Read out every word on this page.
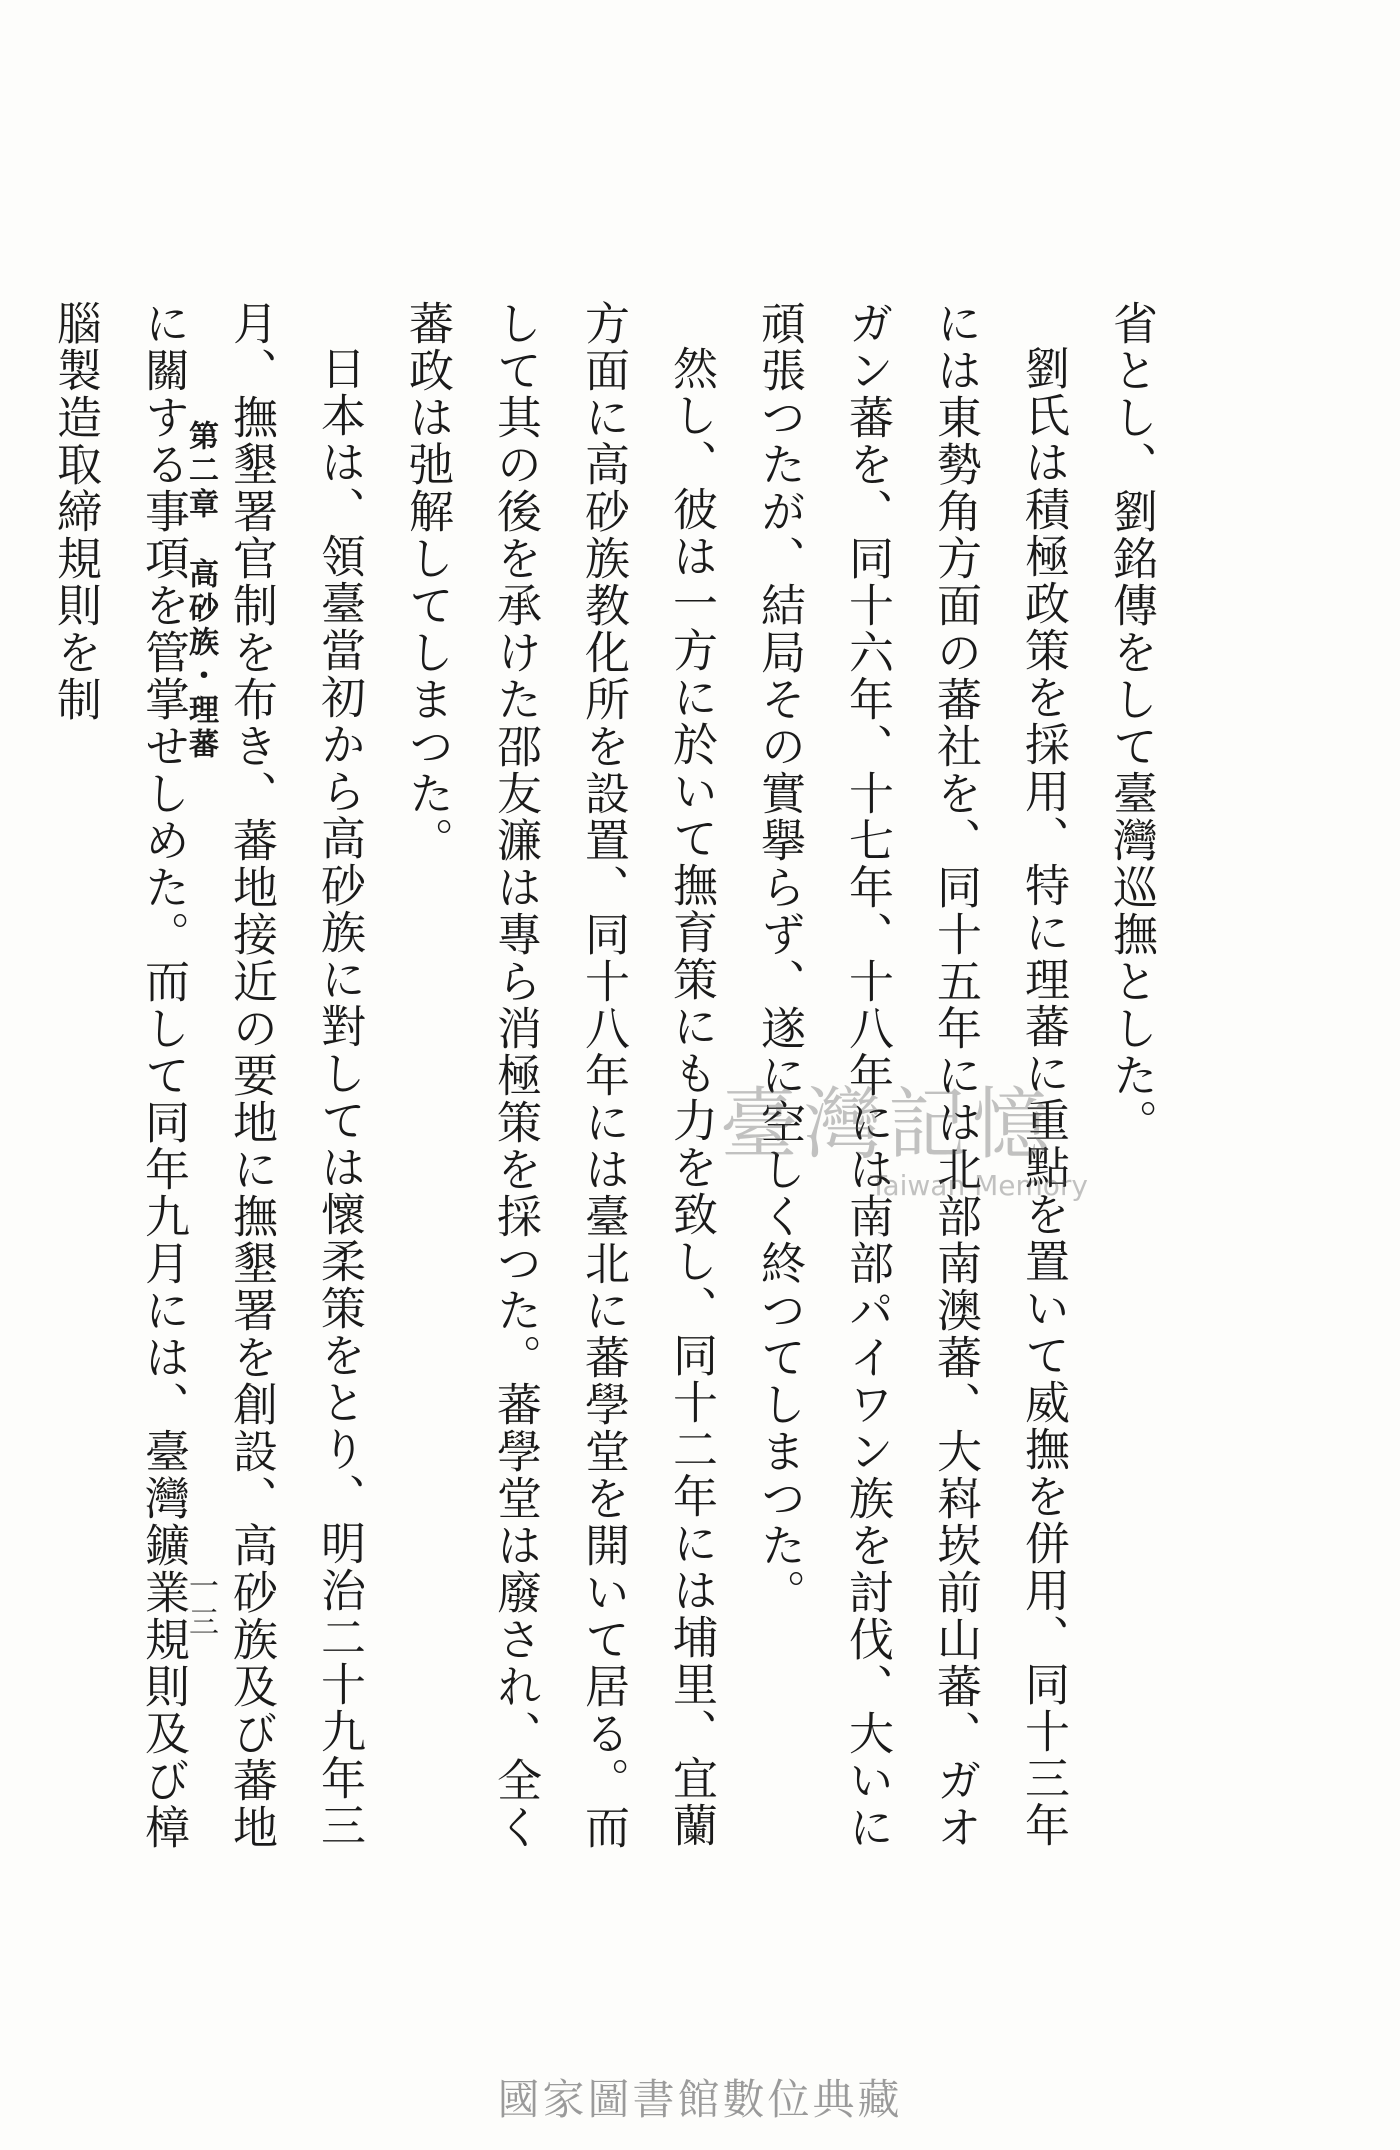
省とし、劉銘傳をして臺灣巡撫とした。

劉氏は積極政策を採用、特に理蕃に重點を置いて威撫を併用、同十三年には東勢角方面の蕃社を、同十五年には北部南澳蕃、大嵙崁前山蕃、ガオガン蕃を、同十六年、十七年、十八年には南部パイワン族を討伐、大いに頑張つたが、結局その實擧らず、遂に空しく終つてしまつた。

然し、彼は一方に於いて撫育策にも力を致し、同十二年には埔里、宜蘭方面に高砂族教化所を設置、同十八年には臺北に蕃學堂を開いて居る。而して其の後を承けた邵友濂は專ら消極策を採つた。蕃學堂は廢され、全く蕃政は弛解してしまつた。

日本は、領臺當初から高砂族に對しては懷柔策をとり、明治二十九年三月、撫墾署官制を布き、蕃地接近の要地に撫墾署を創設、高砂族及び蕃地に關する事項を管掌せしめた。而して同年九月には、臺灣鑛業規則及び樟腦製造取締規則を制	第二章高砂族・理蕃
一三
臺灣記憶
Taiwan Memory
國家圖書館數位典藏
